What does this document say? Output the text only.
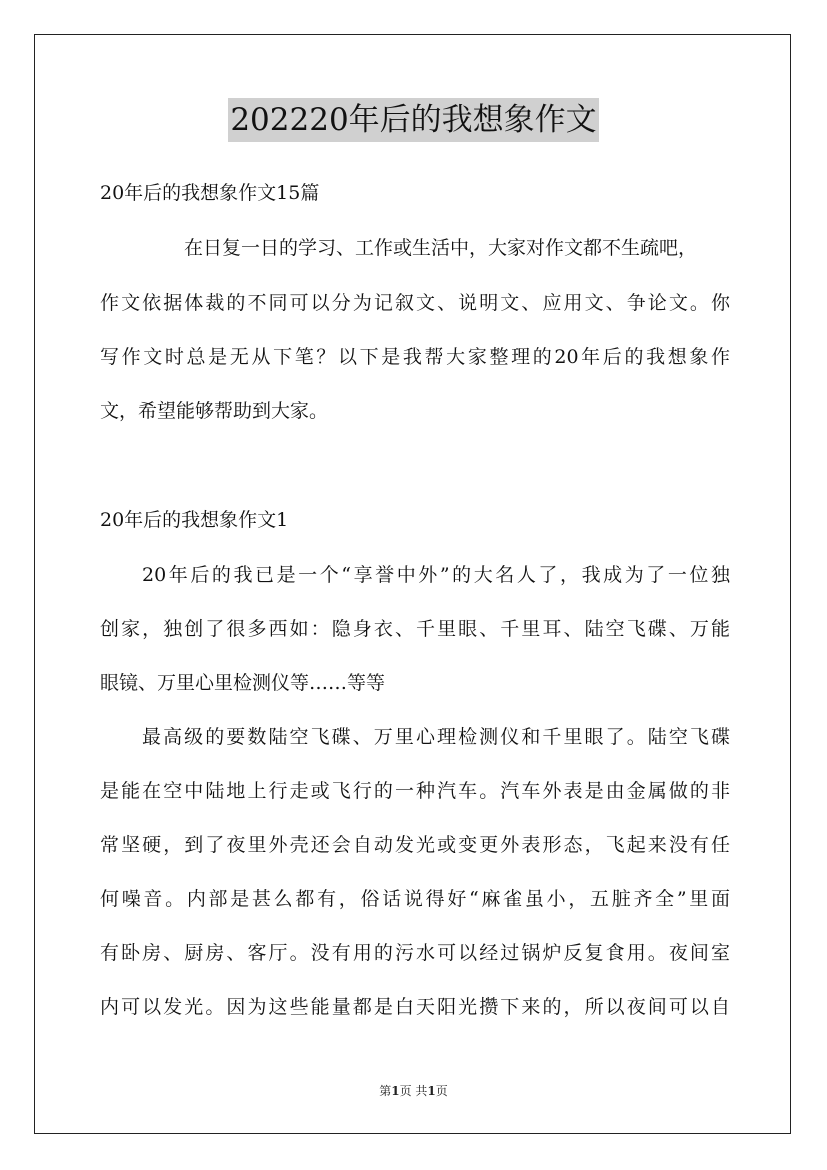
202220年后的我想象作文
20年后的我想象作文15篇
在日复一日的学习、工作或生活中，大家对作文都不生疏吧，
作文依据体裁的不同可以分为记叙文、说明文、应用文、争论文。你
写作文时总是无从下笔？以下是我帮大家整理的20年后的我想象作
文，希望能够帮助到大家。
20年后的我想象作文1
20年后的我已是一个“享誉中外”的大名人了，我成为了一位独
创家，独创了很多西如：隐身衣、千里眼、千里耳、陆空飞碟、万能
眼镜、万里心里检测仪等……等等
最高级的要数陆空飞碟、万里心理检测仪和千里眼了。陆空飞碟
是能在空中陆地上行走或飞行的一种汽车。汽车外表是由金属做的非
常坚硬，到了夜里外壳还会自动发光或变更外表形态，飞起来没有任
何噪音。内部是甚么都有，俗话说得好“麻雀虽小，五脏齐全”里面
有卧房、厨房、客厅。没有用的污水可以经过锅炉反复食用。夜间室
内可以发光。因为这些能量都是白天阳光攒下来的，所以夜间可以自
第1页 共1页
